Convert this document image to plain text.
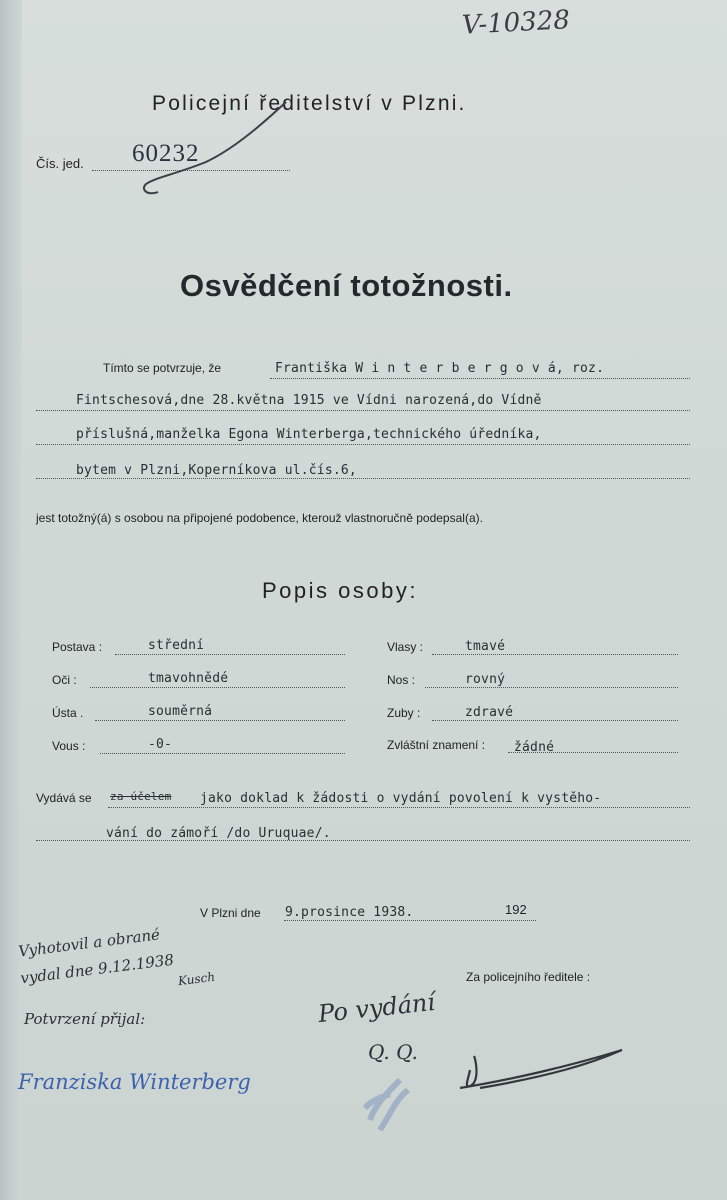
V-10328
Policejní ředitelství v Plzni.
Čís. jed. 60232
Osvědčení totožnosti.
Tímto se potvrzuje, že	Františka W i n t e r b e r g o v á, roz.
Fintschesová,dne 28.května 1915 ve Vídni narozená,do Vídně
příslušná,manželka Egona Winterberga,technického úředníka,
bytem v Plzni,Koperníkova ul.čís.6,
jest totožný(á) s osobou na připojené podobence, kterouž vlastnoručně podepsal(a).
Popis osoby:
Postava :	střední
Oči :	tmavohnědé
Ústa .	souměrná
Vous :	-0-
Vlasy :	tmavé
Nos :	rovný
Zuby :	zdravé
Zvláštní znamení : žádné
Vydává se za účelem jako doklad k žádosti o vydání povolení k vystěho-
vání do zámoří /do Uruquae/.
V Plzni dne 9.prosince 1938.	192
Za policejního ředitele :
Vyhotovil a obrané
vydal dne 9.12.1938 Kusch
Potvrzení přijal:
Franziska Winterberg
Po vydání
Q. Q.
